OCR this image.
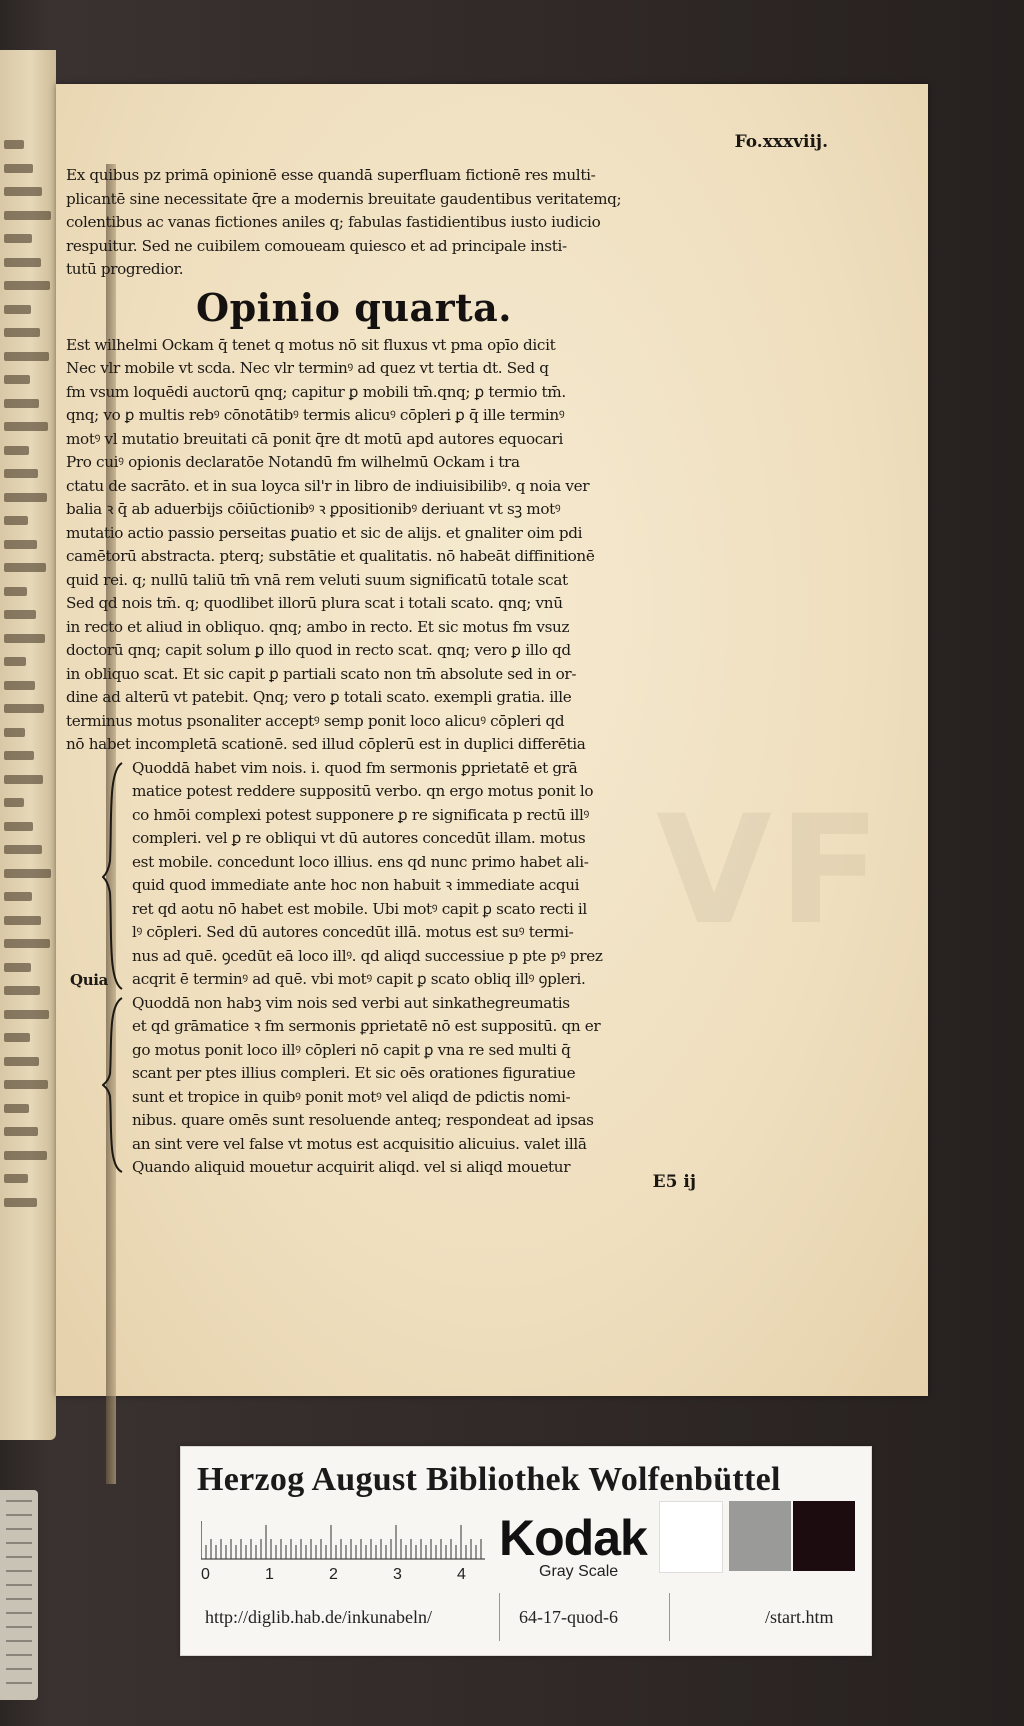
VF
Fo.xxxviij.
Ex quibus pz primā opinionē esse quandā superfluam fictionē res multi-
plicantē sine necessitate q̄re a modernis breuitate gaudentibus veritatemq;
colentibus ac vanas fictiones aniles q; fabulas fastidientibus iusto iudicio
respuitur. Sed ne cuibilem comoueam quiesco et ad principale insti-
tutū progredior.
Opinio quarta.
Est wilhelmi Ockam q̄ tenet q motus nō sit fluxus vt pma opīo dicit
Nec vlr mobile vt scda. Nec vlr terminꝰ ad quez vt tertia dt. Sed q
fm vsum loquēdi auctorū qnq; capitur ꝑ mobili tm̄.qnq; ꝑ termio tm̄.
qnq; vo ꝑ multis rebꝰ cōnotātibꝰ termis alicuꝰ cōpleri ꝑ q̄ ille terminꝰ
motꝰ vl mutatio breuitati cā ponit q̄re dt motū apd autores equocari
Pro cuiꝰ opionis declaratōe Notandū fm wilhelmū Ockam i tra
ctatu de sacrāto. et in sua loyca sil'r in libro de indiuisibilibꝰ. q noia ver
balia ꝛ q̄ ab aduerbijs cōiūctionibꝰ ꝛ ꝑpositionibꝰ deriuant vt sꝫ motꝰ
mutatio actio passio perseitas ꝑuatio et sic de alijs. et gnaliter oim pdi
camētorū abstracta. pterq; substātie et qualitatis. nō habeāt diffinitionē
quid rei. q; nullū taliū tm̄ vnā rem veluti suum significatū totale scat
Sed qd nois tm̄. q; quodlibet illorū plura scat i totali scato. qnq; vnū
in recto et aliud in obliquo. qnq; ambo in recto. Et sic motus fm vsuz
doctorū qnq; capit solum ꝑ illo quod in recto scat. qnq; vero ꝑ illo qd
in obliquo scat. Et sic capit ꝑ partiali scato non tm̄ absolute sed in or-
dine ad alterū vt patebit. Qnq; vero ꝑ totali scato. exempli gratia. ille
terminus motus psonaliter acceptꝰ semp ponit loco alicuꝰ cōpleri qd
nō habet incompletā scationē. sed illud cōplerū est in duplici differētia
Quoddā habet vim nois. i. quod fm sermonis ꝑprietatē et grā
matice potest reddere suppositū verbo. qn ergo motus ponit lo
co hmōi complexi potest supponere ꝑ re significata p rectū illꝰ
compleri. vel ꝑ re obliqui vt dū autores concedūt illam. motus
est mobile. concedunt loco illius. ens qd nunc primo habet ali-
quid quod immediate ante hoc non habuit ꝛ immediate acqui
ret qd aotu nō habet est mobile. Ubi motꝰ capit ꝑ scato recti il
lꝰ cōpleri. Sed dū autores concedūt illā. motus est suꝰ termi-
nus ad quē. ꝯcedūt eā loco illꝰ. qd aliqd successiue p pte pꝰ prez
acqrit ē terminꝰ ad quē. vbi motꝰ capit ꝑ scato obliq illꝰ ꝯpleri.
Quia
Quoddā non habꝫ vim nois sed verbi aut sinkathegreumatis
et qd grāmatice ꝛ fm sermonis ꝑprietatē nō est suppositū. qn er
go motus ponit loco illꝰ cōpleri nō capit ꝑ vna re sed multi q̄
scant per ptes illius compleri. Et sic oēs orationes figuratiue
sunt et tropice in quibꝰ ponit motꝰ vel aliqd de pdictis nomi-
nibus. quare omēs sunt resoluende anteq; respondeat ad ipsas
an sint vere vel false vt motus est acquisitio alicuius. valet illā
Quando aliquid mouetur acquirit aliqd. vel si aliqd mouetur
E5 ij
Herzog August Bibliothek Wolfenbüttel
0	1	2	3	4
Kodak
Gray Scale
http://diglib.hab.de/inkunabeln/	64-17-quod-6	/start.htm
